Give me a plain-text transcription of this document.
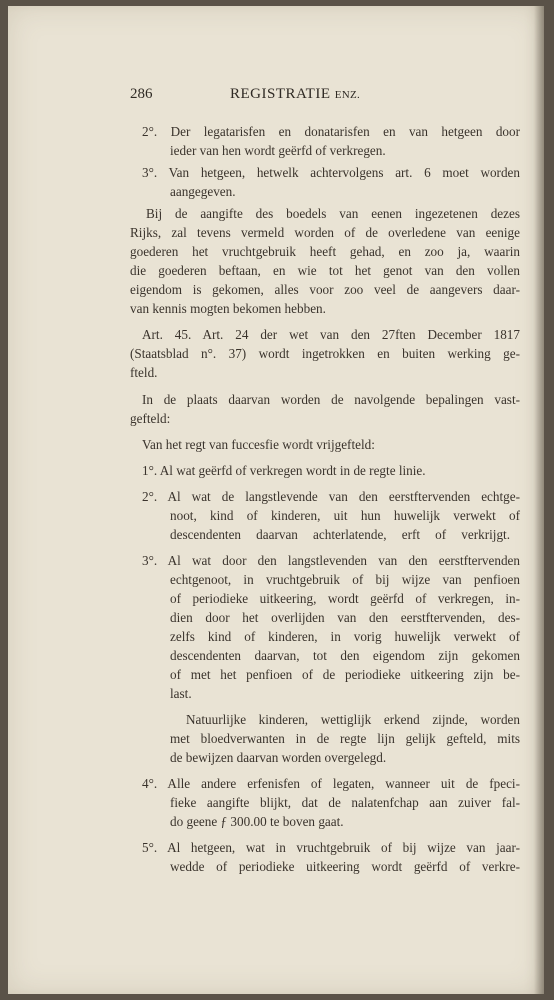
286	REGISTRATIE ENZ.
2°. Der legatarisfen en donatarisfen en van hetgeen door
ieder van hen wordt geërfd of verkregen.
3°. Van hetgeen, hetwelk achtervolgens art. 6 moet worden
aangegeven.
Bij de aangifte des boedels van eenen ingezetenen dezes
Rijks, zal tevens vermeld worden of de overledene van eenige
goederen het vruchtgebruik heeft gehad, en zoo ja, waarin
die goederen beftaan, en wie tot het genot van den vollen
eigendom is gekomen, alles voor zoo veel de aangevers daar-
van kennis mogten bekomen hebben.
Art. 45. Art. 24 der wet van den 27ften December 1817
(Staatsblad n°. 37) wordt ingetrokken en buiten werking ge-
fteld.
In de plaats daarvan worden de navolgende bepalingen vast-
gefteld:
Van het regt van fuccesfie wordt vrijgefteld:
1°. Al wat geërfd of verkregen wordt in de regte linie.
2°. Al wat de langstlevende van den eerstftervenden echtge-
noot, kind of kinderen, uit hun huwelijk verwekt of
descendenten daarvan achterlatende, erft of verkrijgt.
3°. Al wat door den langstlevenden van den eerstftervenden
echtgenoot, in vruchtgebruik of bij wijze van penfioen
of periodieke uitkeering, wordt geërfd of verkregen, in-
dien door het overlijden van den eerstftervenden, des-
zelfs kind of kinderen, in vorig huwelijk verwekt of
descendenten daarvan, tot den eigendom zijn gekomen
of met het penfioen of de periodieke uitkeering zijn be-
last.
Natuurlijke kinderen, wettiglijk erkend zijnde, worden
met bloedverwanten in de regte lijn gelijk gefteld, mits
de bewijzen daarvan worden overgelegd.
4°. Alle andere erfenisfen of legaten, wanneer uit de fpeci-
fieke aangifte blijkt, dat de nalatenfchap aan zuiver fal-
do geene ƒ 300.00 te boven gaat.
5°. Al hetgeen, wat in vruchtgebruik of bij wijze van jaar-
wedde of periodieke uitkeering wordt geërfd of verkre-
